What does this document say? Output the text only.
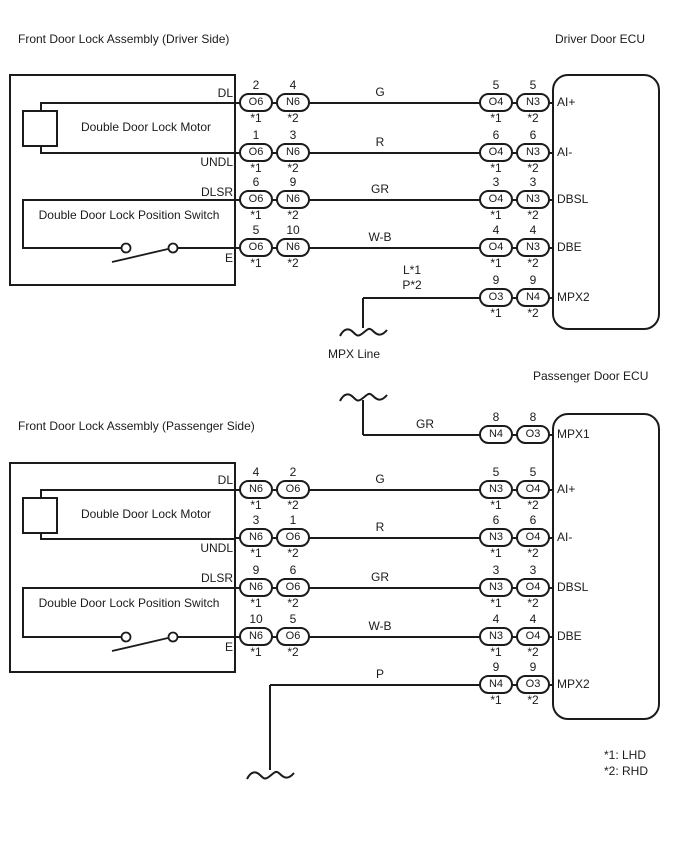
Front Door Lock Assembly (Driver Side)	Driver Door ECU
Passenger Door ECU
Front Door Lock Assembly (Passenger Side)
Double Door Lock Motor
Double Door Lock Position Switch
MPX Line
DL
2	4
O6	N6
*1	*2
G	5	5
O4	N3
*1	*2
AI+
UNDL
1	3
O6	N6
*1	*2
R	6	6
O4	N3
*1	*2
AI-
DLSR
6	9
O6	N6
*1	*2
GR	3	3
O4	N3
*1	*2
DBSL
E
5	10
O6	N6
*1	*2
W-B	4	4
O4	N3
*1	*2
DBE
L*1
P*2	9	9
O3	N4
*1	*2
MPX2
Double Door Lock Motor
Double Door Lock Position Switch
GR	8	8
N4	O3	MPX1
DL
4	2
N6	O6
*1	*2
G	5	5
N3	O4
*1	*2
AI+
UNDL
3	1
N6	O6
*1	*2
R	6	6
N3	O4
*1	*2
AI-
DLSR
9	6
N6	O6
*1	*2
GR	3	3
N3	O4
*1	*2
DBSL
E
10	5
N6	O6
*1	*2
W-B	4	4
N3	O4
*1	*2
DBE
P	9	9
N4	O3
*1	*2
MPX2
*1: LHD
*2: RHD
